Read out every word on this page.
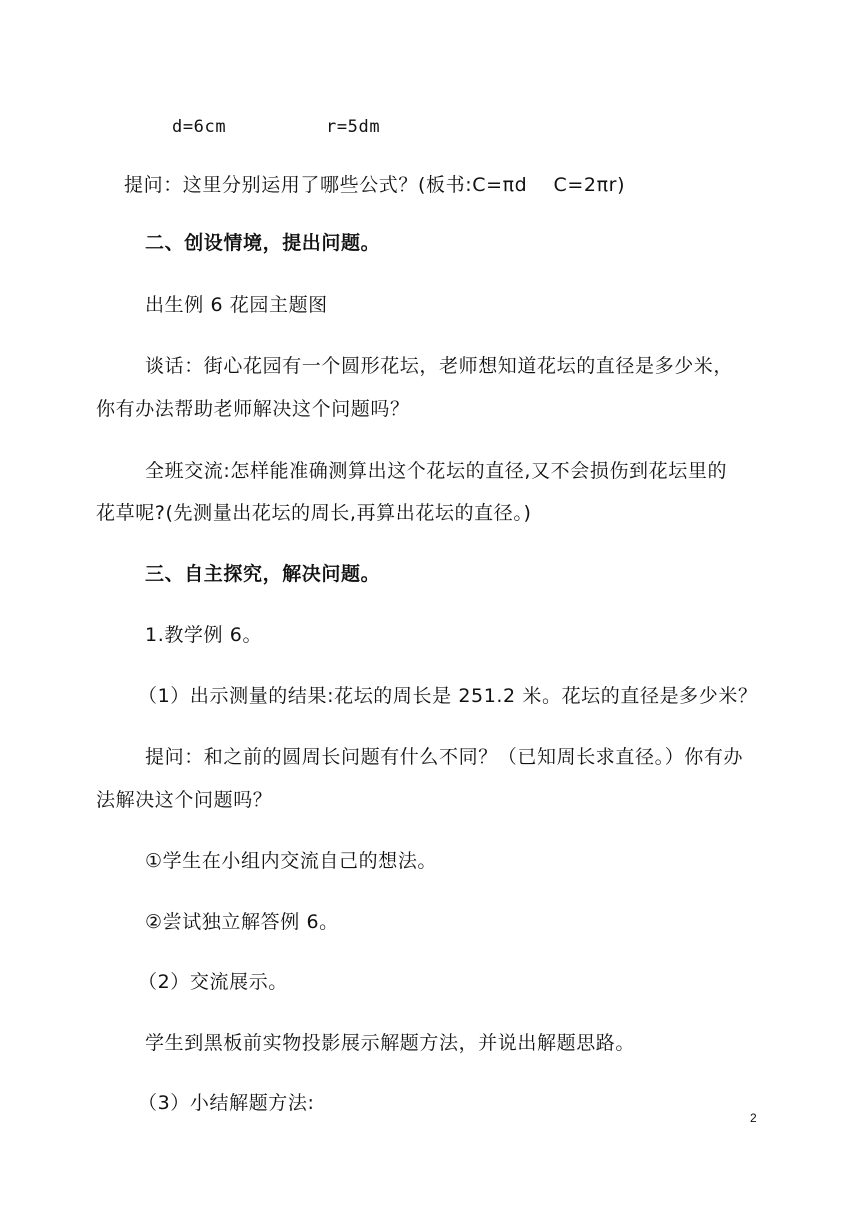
d=6cm	r=5dm
提问：这里分别运用了哪些公式？(板书:C=πd　 C=2πr)
二、创设情境，提出问题。
出生例 6 花园主题图
谈话：街心花园有一个圆形花坛，老师想知道花坛的直径是多少米，
你有办法帮助老师解决这个问题吗？
全班交流:怎样能准确测算出这个花坛的直径,又不会损伤到花坛里的
花草呢?(先测量出花坛的周长,再算出花坛的直径。)
三、自主探究，解决问题。
1.教学例 6。
（1）出示测量的结果:花坛的周长是 251.2 米。花坛的直径是多少米？
提问：和之前的圆周长问题有什么不同？（已知周长求直径。）你有办
法解决这个问题吗？
①学生在小组内交流自己的想法。
②尝试独立解答例 6。
（2）交流展示。
学生到黑板前实物投影展示解题方法，并说出解题思路。
（3）小结解题方法:
2
